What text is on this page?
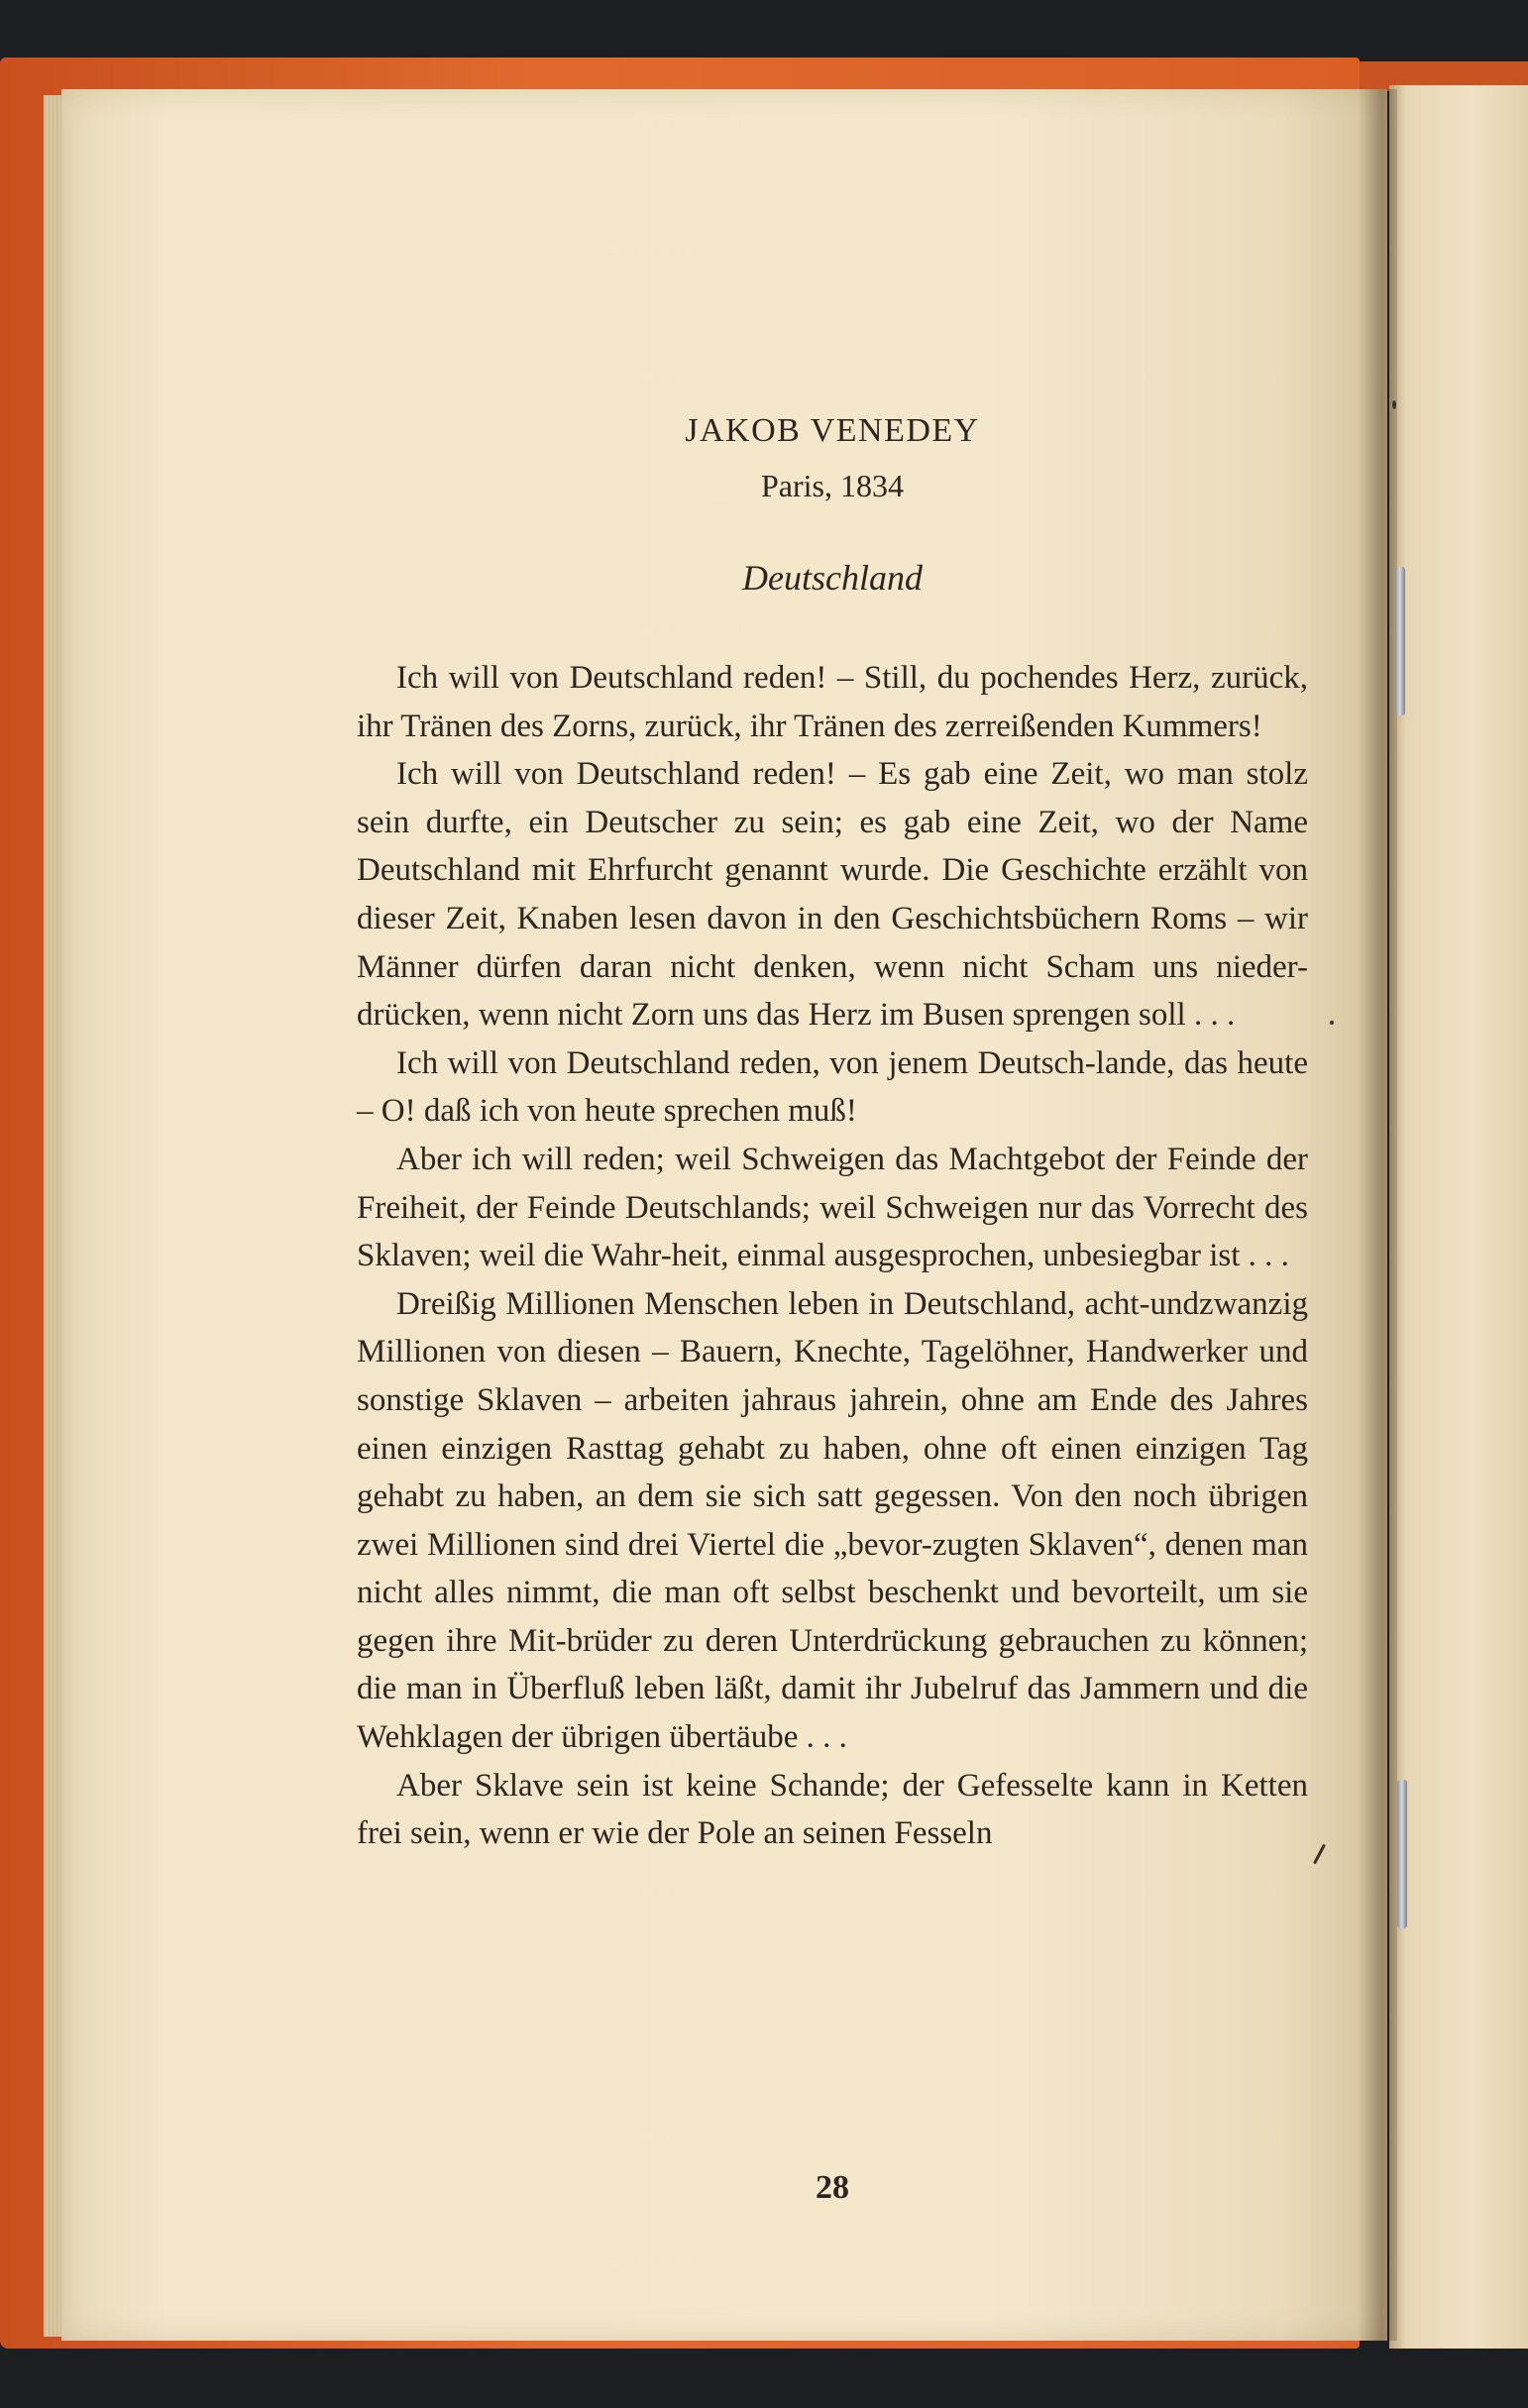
JAKOB VENEDEY

Paris, 1834

Deutschland

Ich will von Deutschland reden! – Still, du pochendes Herz, zurück, ihr Tränen des Zorns, zurück, ihr Tränen des zerreißenden Kummers!

Ich will von Deutschland reden! – Es gab eine Zeit, wo man stolz sein durfte, ein Deutscher zu sein; es gab eine Zeit, wo der Name Deutschland mit Ehrfurcht genannt wurde. Die Geschichte erzählt von dieser Zeit, Knaben lesen davon in den Geschichtsbüchern Roms – wir Männer dürfen daran nicht denken, wenn nicht Scham uns nieder-drücken, wenn nicht Zorn uns das Herz im Busen sprengen soll . . .

Ich will von Deutschland reden, von jenem Deutsch-lande, das heute – O! daß ich von heute sprechen muß!

Aber ich will reden; weil Schweigen das Machtgebot der Feinde der Freiheit, der Feinde Deutschlands; weil Schweigen nur das Vorrecht des Sklaven; weil die Wahr-heit, einmal ausgesprochen, unbesiegbar ist . . .

Dreißig Millionen Menschen leben in Deutschland, acht-undzwanzig Millionen von diesen – Bauern, Knechte, Tagelöhner, Handwerker und sonstige Sklaven – arbeiten jahraus jahrein, ohne am Ende des Jahres einen einzigen Rasttag gehabt zu haben, ohne oft einen einzigen Tag gehabt zu haben, an dem sie sich satt gegessen. Von den noch übrigen zwei Millionen sind drei Viertel die „bevor-zugten Sklaven“, denen man nicht alles nimmt, die man oft selbst beschenkt und bevorteilt, um sie gegen ihre Mit-brüder zu deren Unterdrückung gebrauchen zu können; die man in Überfluß leben läßt, damit ihr Jubelruf das Jammern und die Wehklagen der übrigen übertäube . . .

Aber Sklave sein ist keine Schande; der Gefesselte kann in Ketten frei sein, wenn er wie der Pole an seinen Fesseln

28
